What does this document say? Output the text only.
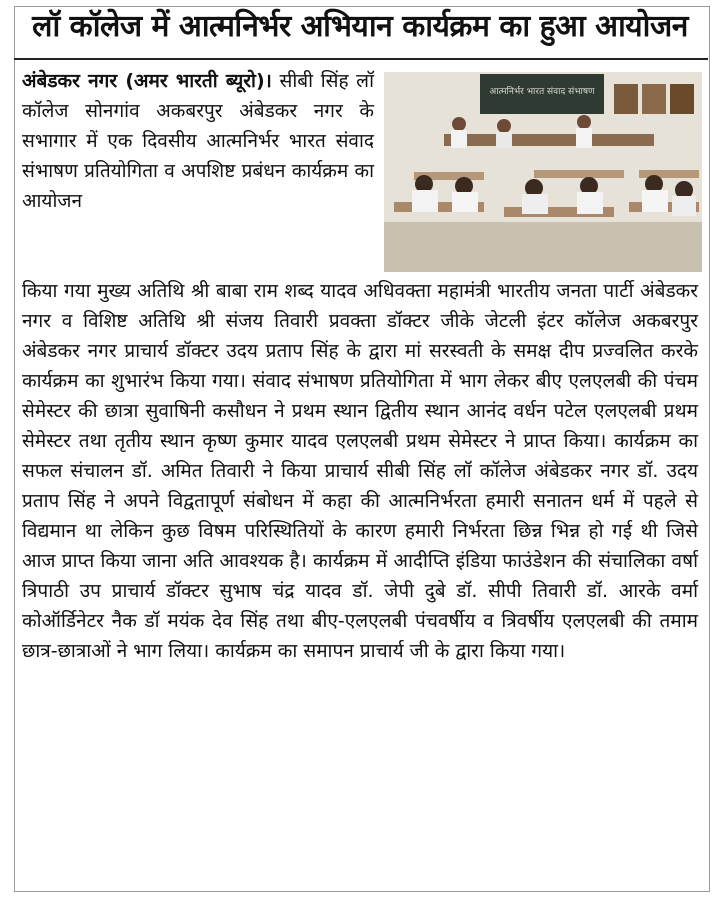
लॉ कॉलेज में आत्मनिर्भर अभियान कार्यक्रम का हुआ आयोजन
अंबेडकर नगर (अमर भारती ब्यूरो)। सीबी सिंह लॉ कॉलेज सोनगांव अकबरपुर अंबेडकर नगर के सभागार में एक दिवसीय आत्मनिर्भर भारत संवाद संभाषण प्रतियोगिता व अपशिष्ट प्रबंधन कार्यक्रम का आयोजन
आत्मनिर्भर भारत संवाद संभाषण
किया गया मुख्य अतिथि श्री बाबा राम शब्द यादव अधिवक्ता महामंत्री भारतीय जनता पार्टी अंबेडकर नगर व विशिष्ट अतिथि श्री संजय तिवारी प्रवक्ता डॉक्टर जीके जेटली इंटर कॉलेज अकबरपुर अंबेडकर नगर प्राचार्य डॉक्टर उदय प्रताप सिंह के द्वारा मां सरस्वती के समक्ष दीप प्रज्वलित करके कार्यक्रम का शुभारंभ किया गया। संवाद संभाषण प्रतियोगिता में भाग लेकर बीए एलएलबी की पंचम सेमेस्टर की छात्रा सुवाषिनी कसौधन ने प्रथम स्थान द्वितीय स्थान आनंद वर्धन पटेल एलएलबी प्रथम सेमेस्टर तथा तृतीय स्थान कृष्ण कुमार यादव एलएलबी प्रथम सेमेस्टर ने प्राप्त किया। कार्यक्रम का सफल संचालन डॉ. अमित तिवारी ने किया प्राचार्य सीबी सिंह लॉ कॉलेज अंबेडकर नगर डॉ. उदय प्रताप सिंह ने अपने विद्वतापूर्ण संबोधन में कहा की आत्मनिर्भरता हमारी सनातन धर्म में पहले से विद्यमान था लेकिन कुछ विषम परिस्थितियों के कारण हमारी निर्भरता छिन्न भिन्न हो गई थी जिसे आज प्राप्त किया जाना अति आवश्यक है। कार्यक्रम में आदीप्ति इंडिया फाउंडेशन की संचालिका वर्षा त्रिपाठी उप प्राचार्य डॉक्टर सुभाष चंद्र यादव डॉ. जेपी दुबे डॉ. सीपी तिवारी डॉ. आरके वर्मा कोऑर्डिनेटर नैक डॉ मयंक देव सिंह तथा बीए-एलएलबी पंचवर्षीय व त्रिवर्षीय एलएलबी की तमाम छात्र-छात्राओं ने भाग लिया। कार्यक्रम का समापन प्राचार्य जी के द्वारा किया गया।
